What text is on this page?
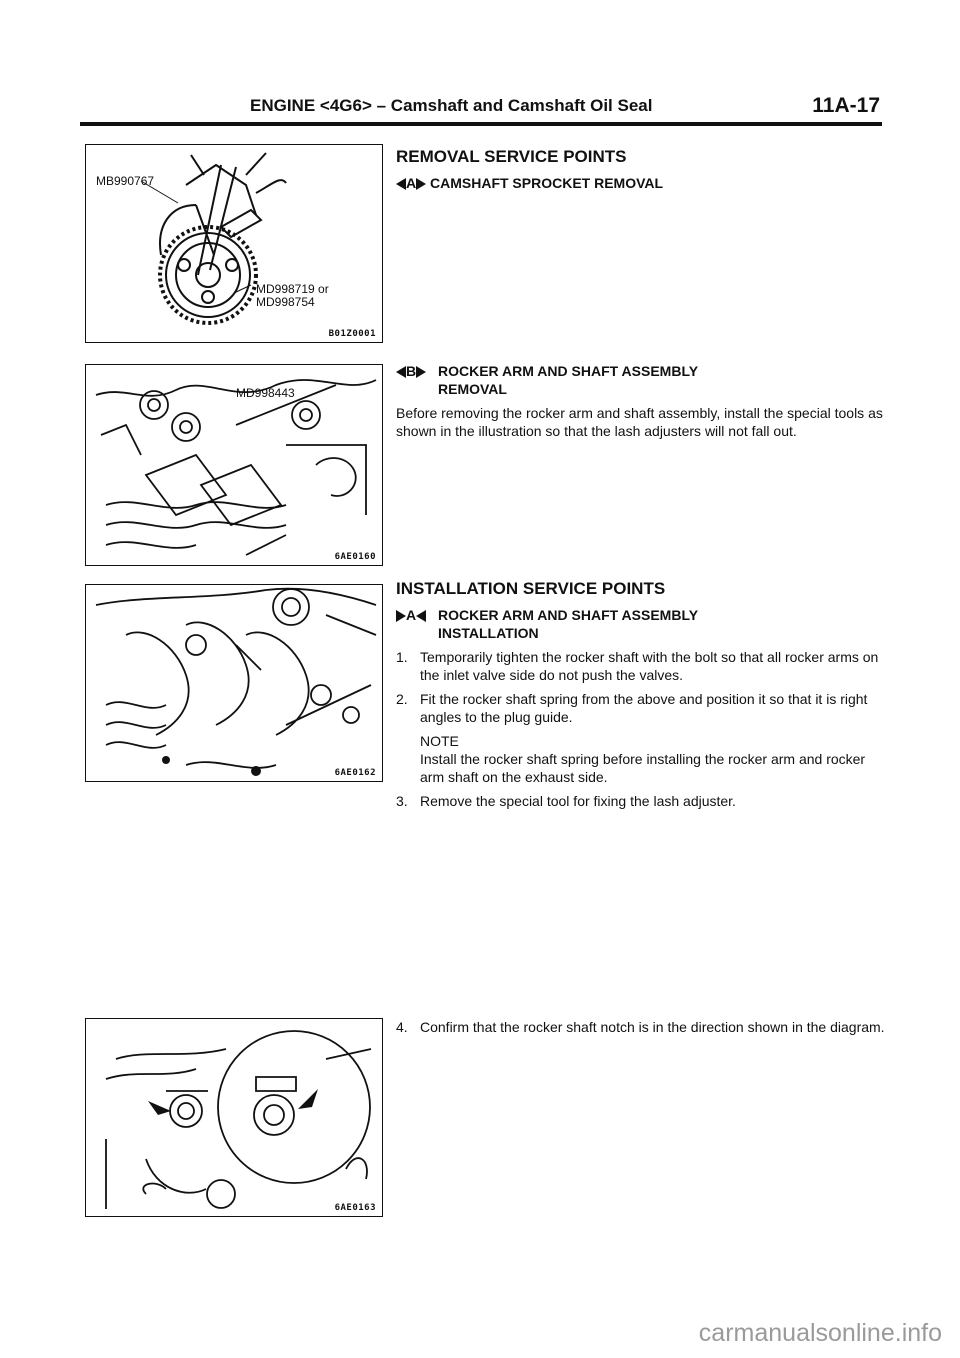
ENGINE <4G6> – Camshaft and Camshaft Oil Seal	11A-17
MB990767
MD998719 or
MD998754
B01Z0001
MD998443
6AE0160
6AE0162
6AE0163
REMOVAL SERVICE POINTS
A CAMSHAFT SPROCKET REMOVAL
B	ROCKER ARM AND SHAFT ASSEMBLY
REMOVAL

Before removing the rocker arm and shaft assembly, install the special tools as shown in the illustration so that the lash adjusters will not fall out.

INSTALLATION SERVICE POINTS
A	ROCKER ARM AND SHAFT ASSEMBLY
INSTALLATION
1. Temporarily tighten the rocker shaft with the bolt so that all rocker arms on the inlet valve side do not push the valves.
2. Fit the rocker shaft spring from the above and position it so that it is right angles to the plug guide.
NOTE
Install the rocker shaft spring before installing the rocker arm and rocker arm shaft on the exhaust side.
3. Remove the special tool for fixing the lash adjuster.
4. Confirm that the rocker shaft notch is in the direction shown in the diagram.
carmanualsonline.info
